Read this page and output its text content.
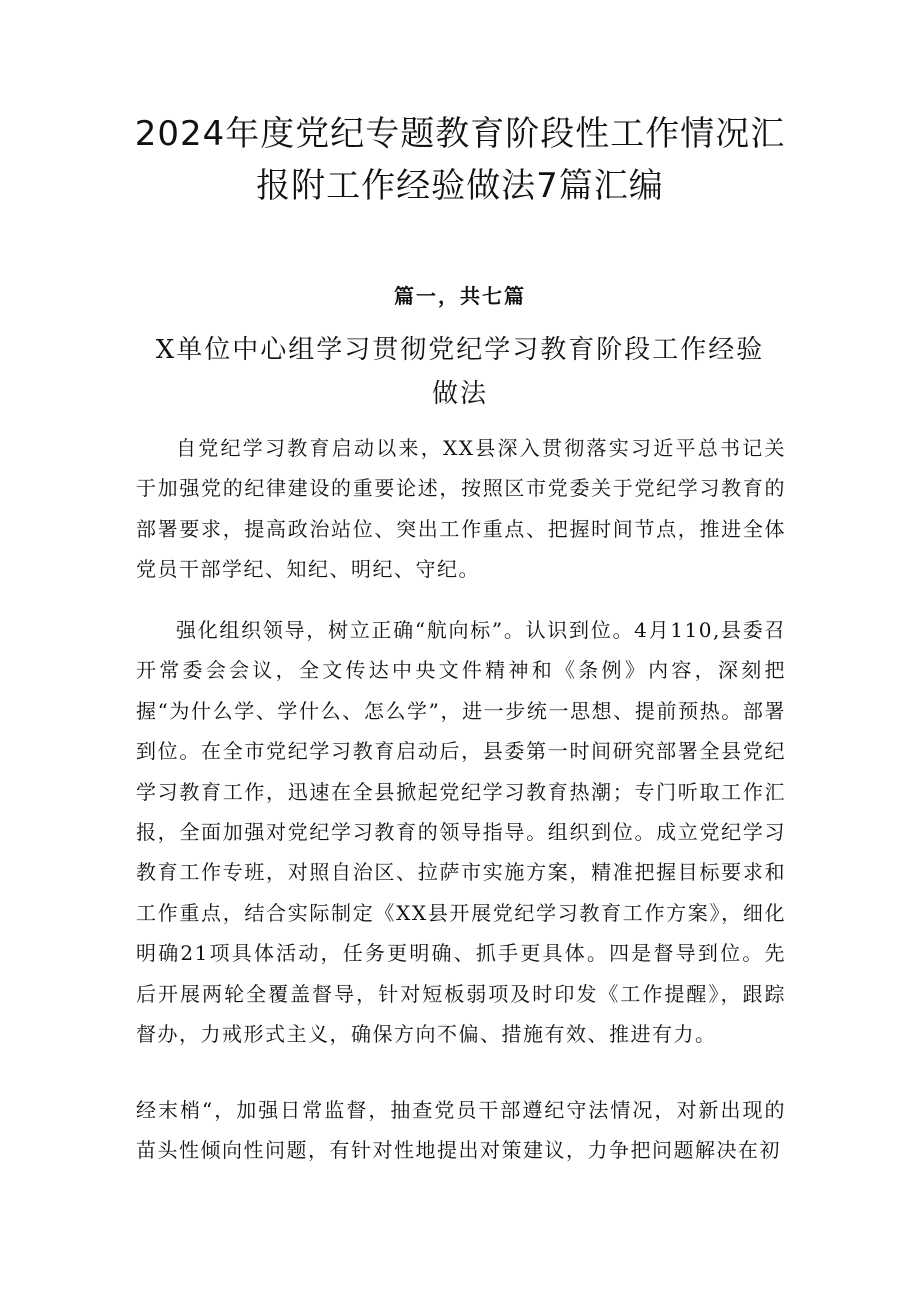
2024年度党纪专题教育阶段性工作情况汇
报附工作经验做法7篇汇编
篇一，共七篇
X单位中心组学习贯彻党纪学习教育阶段工作经验
做法

自党纪学习教育启动以来，XX县深入贯彻落实习近平总书记关于加强党的纪律建设的重要论述，按照区市党委关于党纪学习教育的部署要求，提高政治站位、突出工作重点、把握时间节点，推进全体党员干部学纪、知纪、明纪、守纪。

强化组织领导，树立正确“航向标”。认识到位。4月110,县委召开常委会会议，全文传达中央文件精神和《条例》内容，深刻把握“为什么学、学什么、怎么学”，进一步统一思想、提前预热。部署到位。在全市党纪学习教育启动后，县委第一时间研究部署全县党纪学习教育工作，迅速在全县掀起党纪学习教育热潮；专门听取工作汇报，全面加强对党纪学习教育的领导指导。组织到位。成立党纪学习教育工作专班，对照自治区、拉萨市实施方案，精准把握目标要求和工作重点，结合实际制定《XX县开展党纪学习教育工作方案》，细化明确21项具体活动，任务更明确、抓手更具体。四是督导到位。先后开展两轮全覆盖督导，针对短板弱项及时印发《工作提醒》，跟踪督办，力戒形式主义，确保方向不偏、措施有效、推进有力。

经末梢“，加强日常监督，抽查党员干部遵纪守法情况，对新出现的苗头性倾向性问题，有针对性地提出对策建议，力争把问题解决在初
